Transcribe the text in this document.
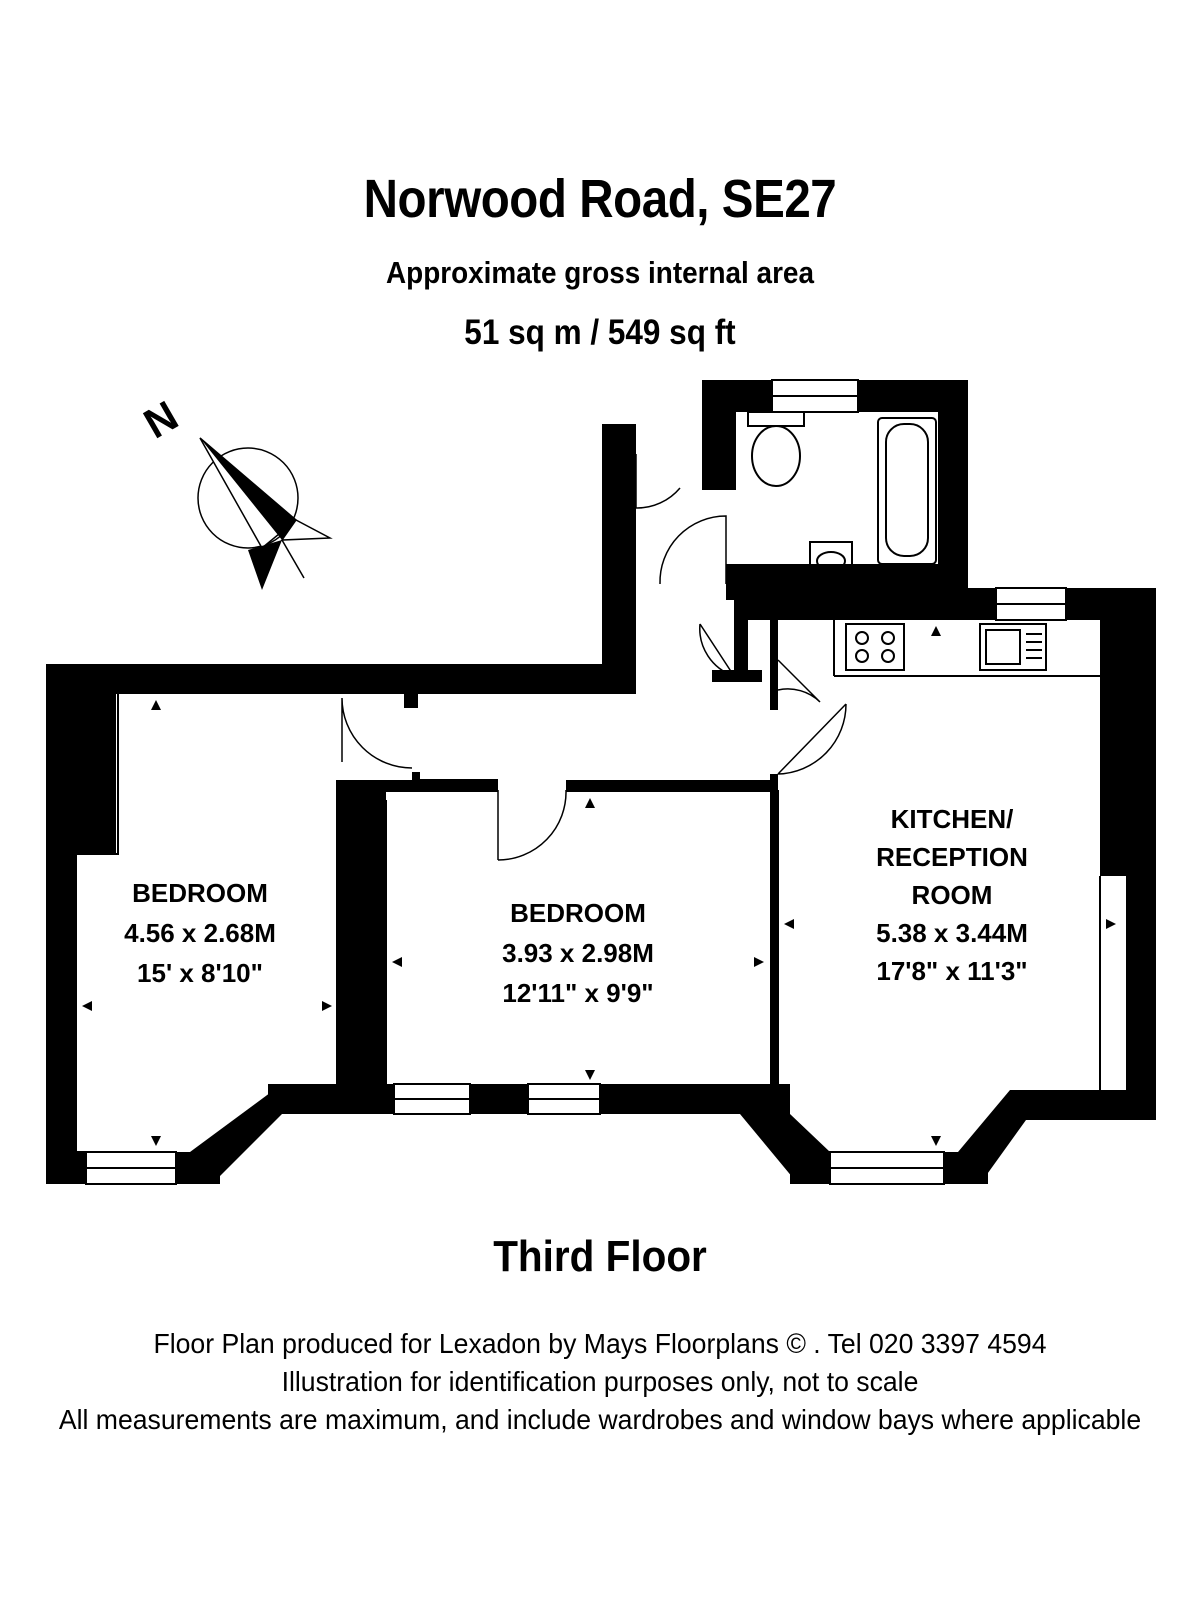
Norwood Road, SE27
Approximate gross internal area
51 sq m / 549 sq ft
N
BEDROOM
4.56 x 2.68M
15' x 8'10"
BEDROOM
3.93 x 2.98M
12'11" x 9'9"
KITCHEN/
RECEPTION
ROOM
5.38 x 3.44M
17'8" x 11'3"
Third Floor
Floor Plan produced for Lexadon by Mays Floorplans © . Tel 020 3397 4594
Illustration for identification purposes only, not to scale
All measurements are maximum, and include wardrobes and window bays where applicable
